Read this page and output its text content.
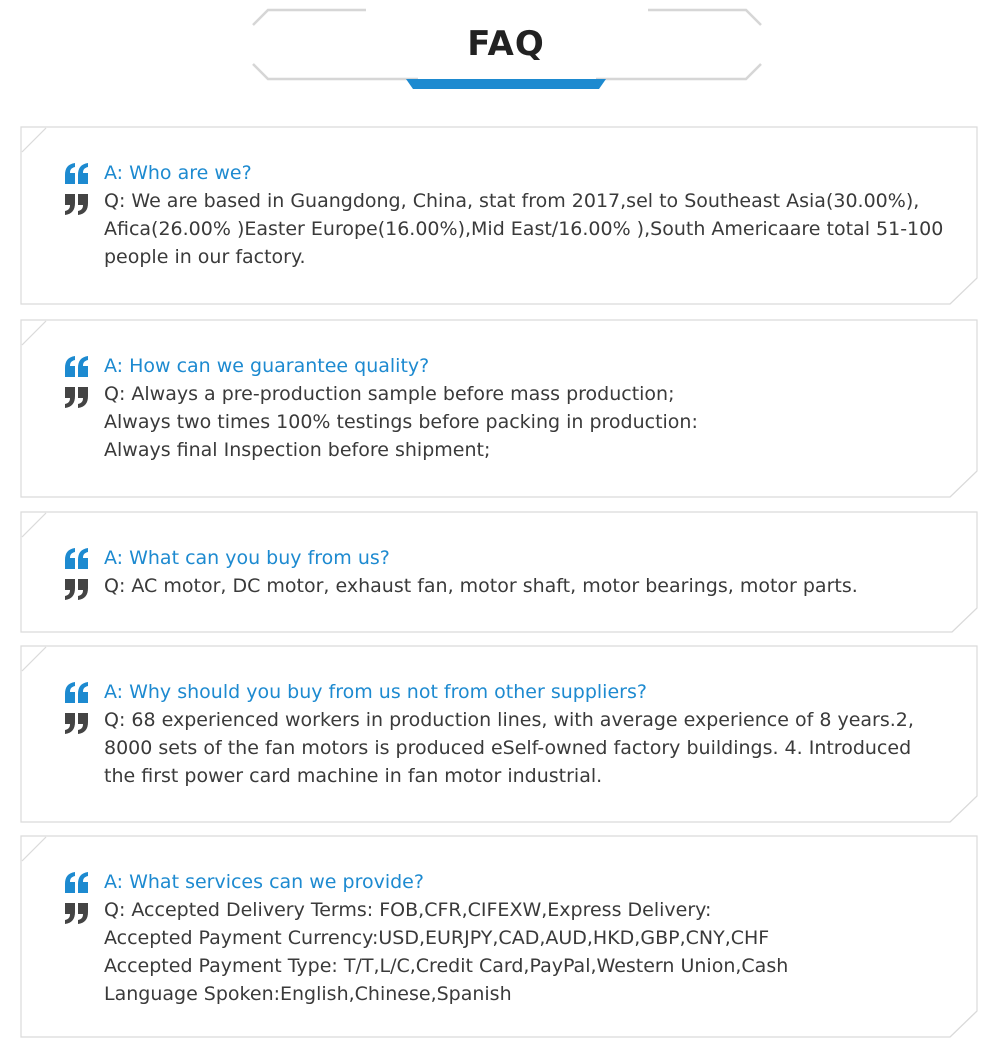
FAQ
A: Who are we?
Q: We are based in Guangdong, China, stat from 2017,sel to Southeast Asia(30.00%),
Afica(26.00% )Easter Europe(16.00%),Mid East/16.00% ),South Americaare total 51-100
people in our factory.
A: How can we guarantee quality?
Q: Always a pre-production sample before mass production;
Always two times 100% testings before packing in production:
Always final Inspection before shipment;
A: What can you buy from us?
Q: AC motor, DC motor, exhaust fan, motor shaft, motor bearings, motor parts.
A: Why should you buy from us not from other suppliers?
Q: 68 experienced workers in production lines, with average experience of 8 years.2,
8000 sets of the fan motors is produced eSelf-owned factory buildings. 4. Introduced
the first power card machine in fan motor industrial.
A: What services can we provide?
Q: Accepted Delivery Terms: FOB,CFR,CIFEXW,Express Delivery:
Accepted Payment Currency:USD,EURJPY,CAD,AUD,HKD,GBP,CNY,CHF
Accepted Payment Type: T/T,L/C,Credit Card,PayPal,Western Union,Cash
Language Spoken:English,Chinese,Spanish
